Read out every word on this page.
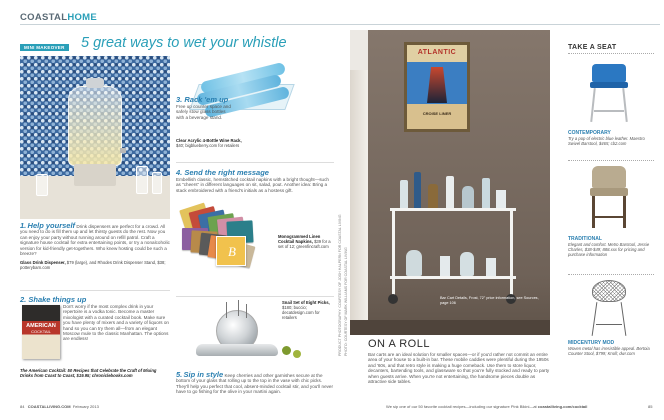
COASTALHOME
MINI MAKEOVER 5 great ways to wet your whistle
1. Help yourself Drink dispensers are perfect for a crowd. All you need to do is fill them up and let thirsty guests do the rest. Now you can enjoy your party without running around on refill patrol. Craft a signature house cocktail for extra entertaining points, or try a nonalcoholic version for kid-friendly get-togethers. Who knew hosting could be such a breeze?
Glass Drink Dispenser, $79 (large), and Rhodes Drink Dispenser Stand, $38; potterybarn.com
2. Shake things up
Don't worry if the most complex drink in your repertoire is a vodka tonic. Become a master mixologist with a curated cocktail book. Make sure you have plenty of mixers and a variety of liquors on hand so you can try them all—from an elegant Moscow mule to the classic Manhattan. The options are endless!
AMERICAN
COCKTAIL
The American Cocktail: 50 Recipes that Celebrate the Craft of Mixing Drinks from Coast to Coast, $19.95; chroniclebooks.com
3. Rack 'em up
Free up counter space and safely stow glass bottles with a beverage stand.
Clear Acrylic 4-Bottle Wine Rack, $40; bigblueberry.com for retailers
4. Send the right message
Embellish classic, hemstitched cocktail napkins with a bright thought—such as "cheers" in different languages on sit, salad, pout. Another idea: Bring a stack embroidered with a friend's initials as a hostess gift.
B
Monogrammed Linen Cocktail Napkins, $39 for a set of 12; greenfincraft.com
Snail Set of Eight Picks, $180; buccio; decatdesign.com for retailers
5. Sip in style Keep cherries and other garnishes secure at the bottom of your glass that rolling up to the top in the vase with chic picks. They'll help you perfect that cool, absent-minded cocktail stir, and you'll never have to go fishing for the olive in your martini again.
PRODUCT PHOTOGRAPHY: COURTESY OF JOSH HALPERN FOR COASTAL LIVING PHOTO: COURTESY OF MARK WILLIAMS FOR COASTAL LIVING
ATLANTIC
CROISE LINER
Bar Cart Details, Frost, 72" price information, see Sources, page 106
ON A ROLL
Bar carts are an ideal solution for smaller spaces—or if you'd rather not commit an entire area of your house to a built-in bar. These mobile caddies were plentiful during the 1950s and '60s, and that retro style is making a huge comeback. Use them to store liquor, decanters, bartending tools, and glassware so that you're fully stocked and ready to party when guests arrive. When you're not entertaining, the handsome pieces double as attractive side tables.
TAKE A SEAT
CONTEMPORARY
Try a pop of electric blue leather. Maestro Swivel Barstool, $465; cb2.com
TRADITIONAL
Elegant and comfort. Metro Barstool, Jessie Charles, $38-$49; 888.xxx for pricing and purchase information
MIDCENTURY MOD
Woven metal has irresistible appeal. Bertoia Counter Stool, $799; Knoll; dwr.com
84 COASTALLIVING.COM February 2013	We sip one of our 50 favorite cocktail recipes—including our signature Pink Bikini—at coastalliving.com/cocktail	85
